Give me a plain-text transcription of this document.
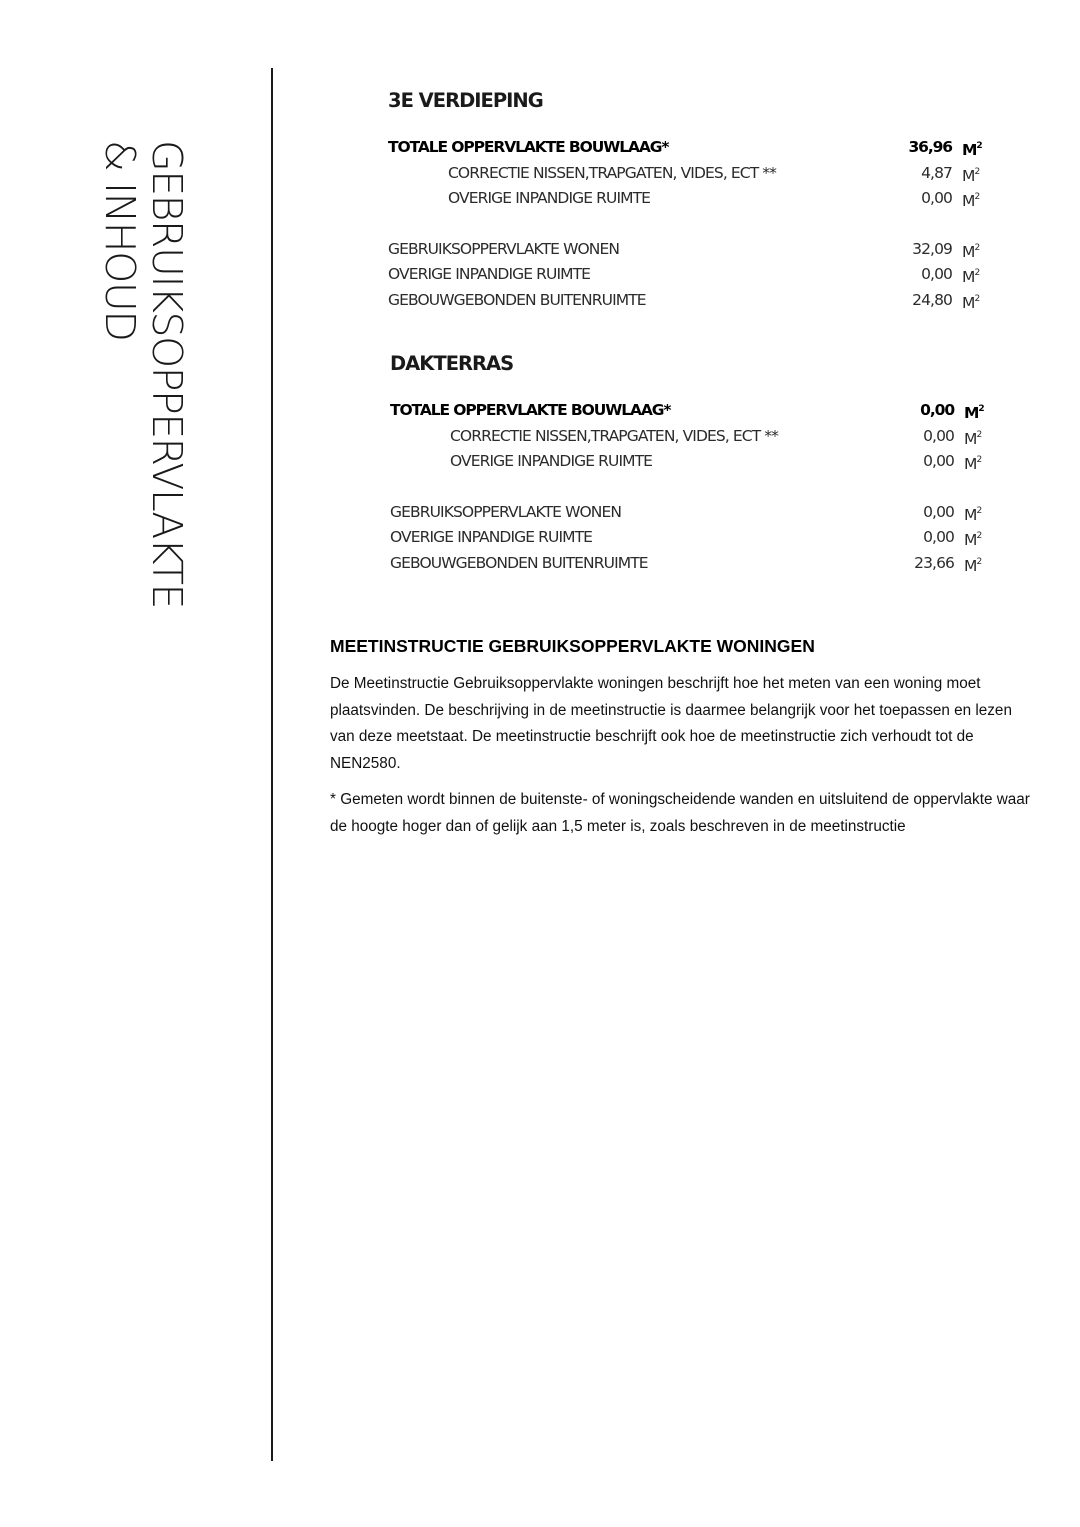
GEBRUIKSOPPERVLAKTE
& INHOUD
3E VERDIEPING
TOTALE OPPERVLAKTE BOUWLAAG*	36,96 $M^2$
CORRECTIE NISSEN,TRAPGATEN, VIDES, ECT **	4,87 $M^2$
OVERIGE INPANDIGE RUIMTE	0,00 $M^2$
GEBRUIKSOPPERVLAKTE WONEN	32,09 $M^2$
OVERIGE INPANDIGE RUIMTE	0,00 $M^2$
GEBOUWGEBONDEN BUITENRUIMTE	24,80 $M^2$
DAKTERRAS
TOTALE OPPERVLAKTE BOUWLAAG*	0,00 $M^2$
CORRECTIE NISSEN,TRAPGATEN, VIDES, ECT **	0,00 $M^2$
OVERIGE INPANDIGE RUIMTE	0,00 $M^2$
GEBRUIKSOPPERVLAKTE WONEN	0,00 $M^2$
OVERIGE INPANDIGE RUIMTE	0,00 $M^2$
GEBOUWGEBONDEN BUITENRUIMTE	23,66 $M^2$
MEETINSTRUCTIE GEBRUIKSOPPERVLAKTE WONINGEN

De Meetinstructie Gebruiksoppervlakte woningen beschrijft hoe het meten van een woning moet plaatsvinden. De beschrijving in de meetinstructie is daarmee belangrijk voor het toepassen en lezen van deze meetstaat. De meetinstructie beschrijft ook hoe de meetinstructie zich verhoudt tot de NEN2580.

* Gemeten wordt binnen de buitenste- of woningscheidende wanden en uitsluitend de oppervlakte waar de hoogte hoger dan of gelijk aan 1,5 meter is, zoals beschreven in de meetinstructie
